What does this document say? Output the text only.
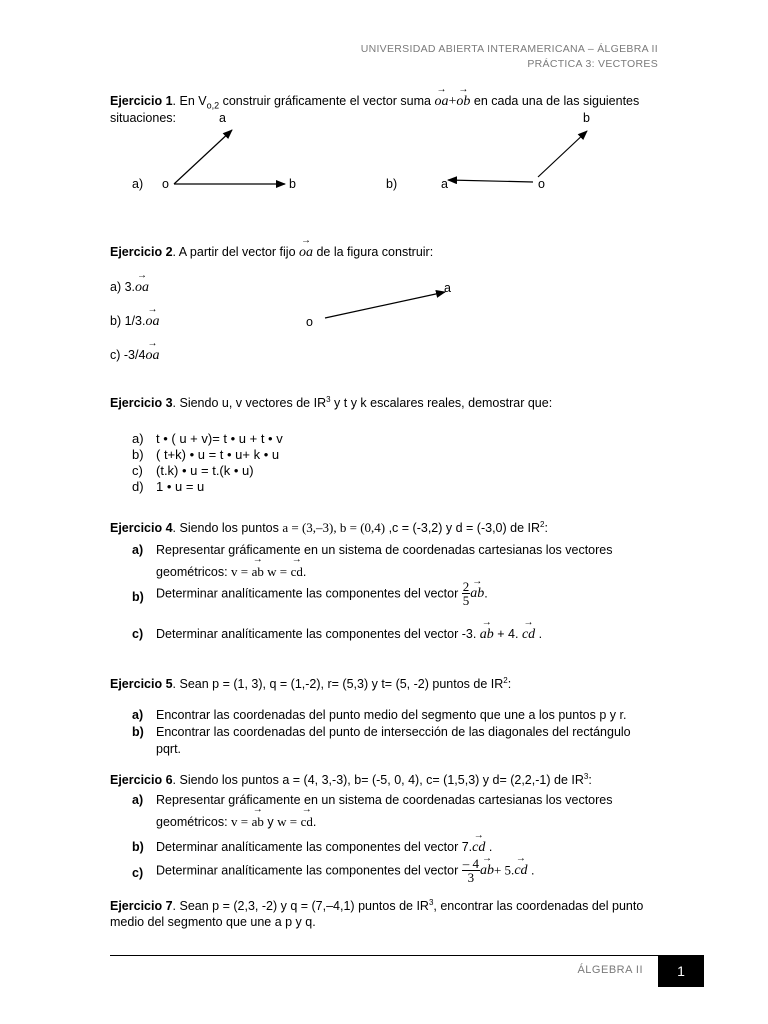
UNIVERSIDAD ABIERTA INTERAMERICANA – ÁLGEBRA II
PRÁCTICA 3: VECTORES
Ejercicio 1. En $V_{o,2}$ construir gráficamente el vector suma → oa+→ ob en cada una de las siguientes
situaciones:	a
a) o	b
b
b)	a	o
Ejercicio 2. A partir del vector fijo → oa de la figura construir:
a) 3.→ oa
b) 1/3.→ oa
c) -3/4→ oa
a
o
Ejercicio 3. Siendo u, v vectores de $IR^3$ y t y k escalares reales, demostrar que:
a) t • ( u + v)= t • u + t • v
b) ( t+k) • u = t • u+ k • u
c) (t.k) • u = t.(k • u)
d) 1 • u = u
Ejercicio 4. Siendo los puntos a = (3,–3), b = (0,4) ,c = (-3,2) y d = (-3,0) de $IR^2$:
a) Representar gráficamente en un sistema de coordenadas cartesianas los vectores
geométricos: v = → ab w = → cd.
b) Determinar analíticamente las componentes del vector $\frac{2}{5}$
→ ab.
c) Determinar analíticamente las componentes del vector -3. → ab + 4. → cd .
Ejercicio 5. Sean p = (1, 3), q = (1,-2), r= (5,3) y t= (5, -2) puntos de $IR^2$:
a) Encontrar las coordenadas del punto medio del segmento que une a los puntos p y r.
b) Encontrar las coordenadas del punto de intersección de las diagonales del rectángulo
pqrt.
Ejercicio 6. Siendo los puntos a = (4, 3,-3), b= (-5, 0, 4), c= (1,5,3) y d= (2,2,-1) de $IR^3$:
a) Representar gráficamente en un sistema de coordenadas cartesianas los vectores
geométricos: v = → ab y w = → cd.
b) Determinar analíticamente las componentes del vector 7.→ cd .
c) Determinar analíticamente las componentes del vector $\frac{- 4}{3}$
→ ab+ 5.→ cd .
Ejercicio 7. Sean p = (2,3, -2) y q = (7,–4,1) puntos de $IR^3$, encontrar las coordenadas del punto
medio del segmento que une a p y q.
ÁLGEBRA II	1
